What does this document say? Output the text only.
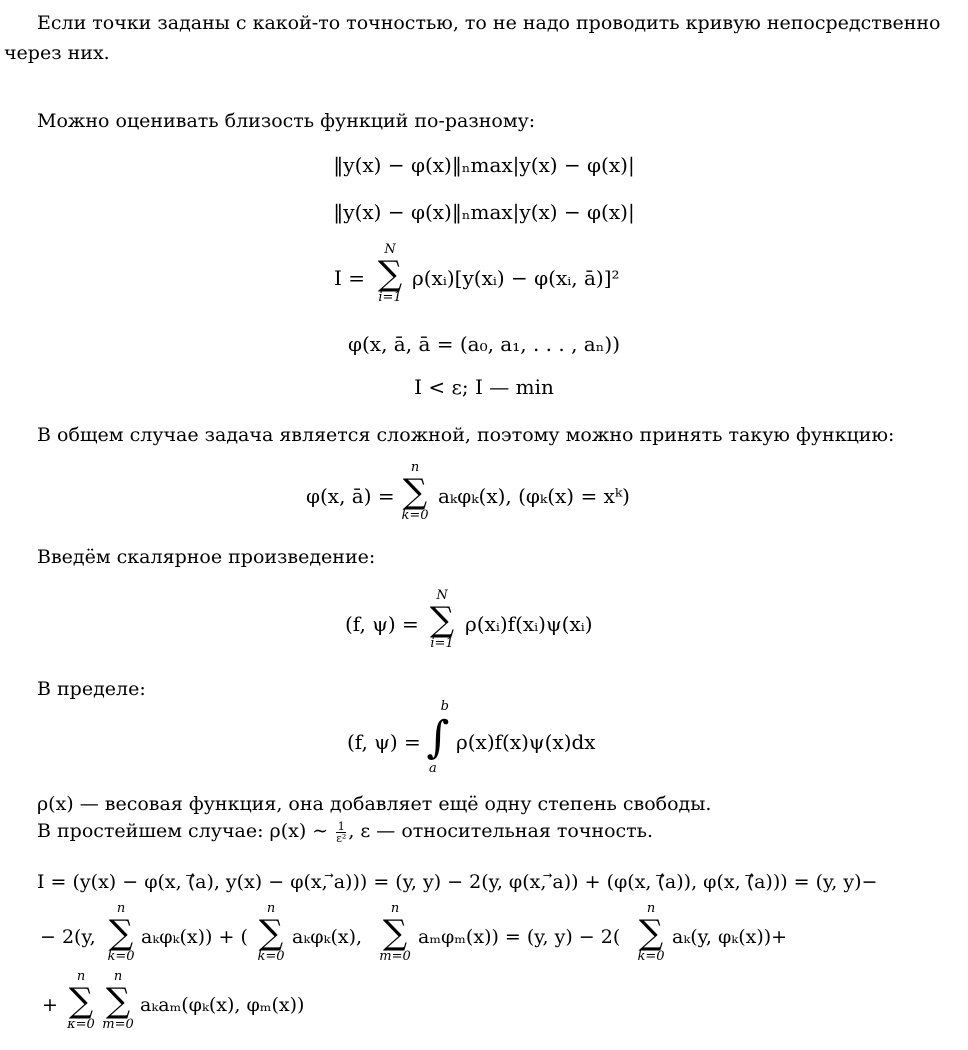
Если точки заданы с какой-то точностью, то не надо проводить кривую непосредственно
через них.
Можно оценивать близость функций по-разному:
‖y(x) − φ(x)‖ₙmax|y(x) − φ(x)|
‖y(x) − φ(x)‖ₙmax|y(x) − φ(x)|
I =
N
∑
i=1
ρ(xᵢ)[y(xᵢ) − φ(xᵢ, ā)]²
φ(x, ā, ā = (a₀, a₁, . . . , aₙ))
I < ε; I — min
В общем случае задача является сложной, поэтому можно принять такую функцию:
φ(x, ā) =
n
∑
k=0
aₖφₖ(x), (φₖ(x) = xᵏ)
Введём скалярное произведение:
(f, ψ) =
N
∑
i=1
ρ(xᵢ)f(xᵢ)ψ(xᵢ)
В пределе:
(f, ψ) =
b
∫
a
ρ(x)f(x)ψ(x)dx
ρ(x) — весовая функция, она добавляет ещё одну степень свободы.
В простейшем случае: ρ(x) ∼ $\frac{1}{\text{ε²}}$ , ε — относительная точность.
I = (y(x) − φ(x, (⃗a), y(x) − φ(x, ⃗a))) = (y, y) − 2(y, φ(x, ⃗a)) + (φ(x, (⃗a)), φ(x, (⃗a))) = (y, y)−
− 2(y,
n
∑
k=0
aₖφₖ(x)) + (
n
∑
k=0
aₖφₖ(x),
n
∑
m=0
aₘφₘ(x)) = (y, y) − 2(
n
∑
k=0
aₖ(y, φₖ(x))+
+
n
∑
κ=0
n
∑
m=0
aₖaₘ(φₖ(x), φₘ(x))
